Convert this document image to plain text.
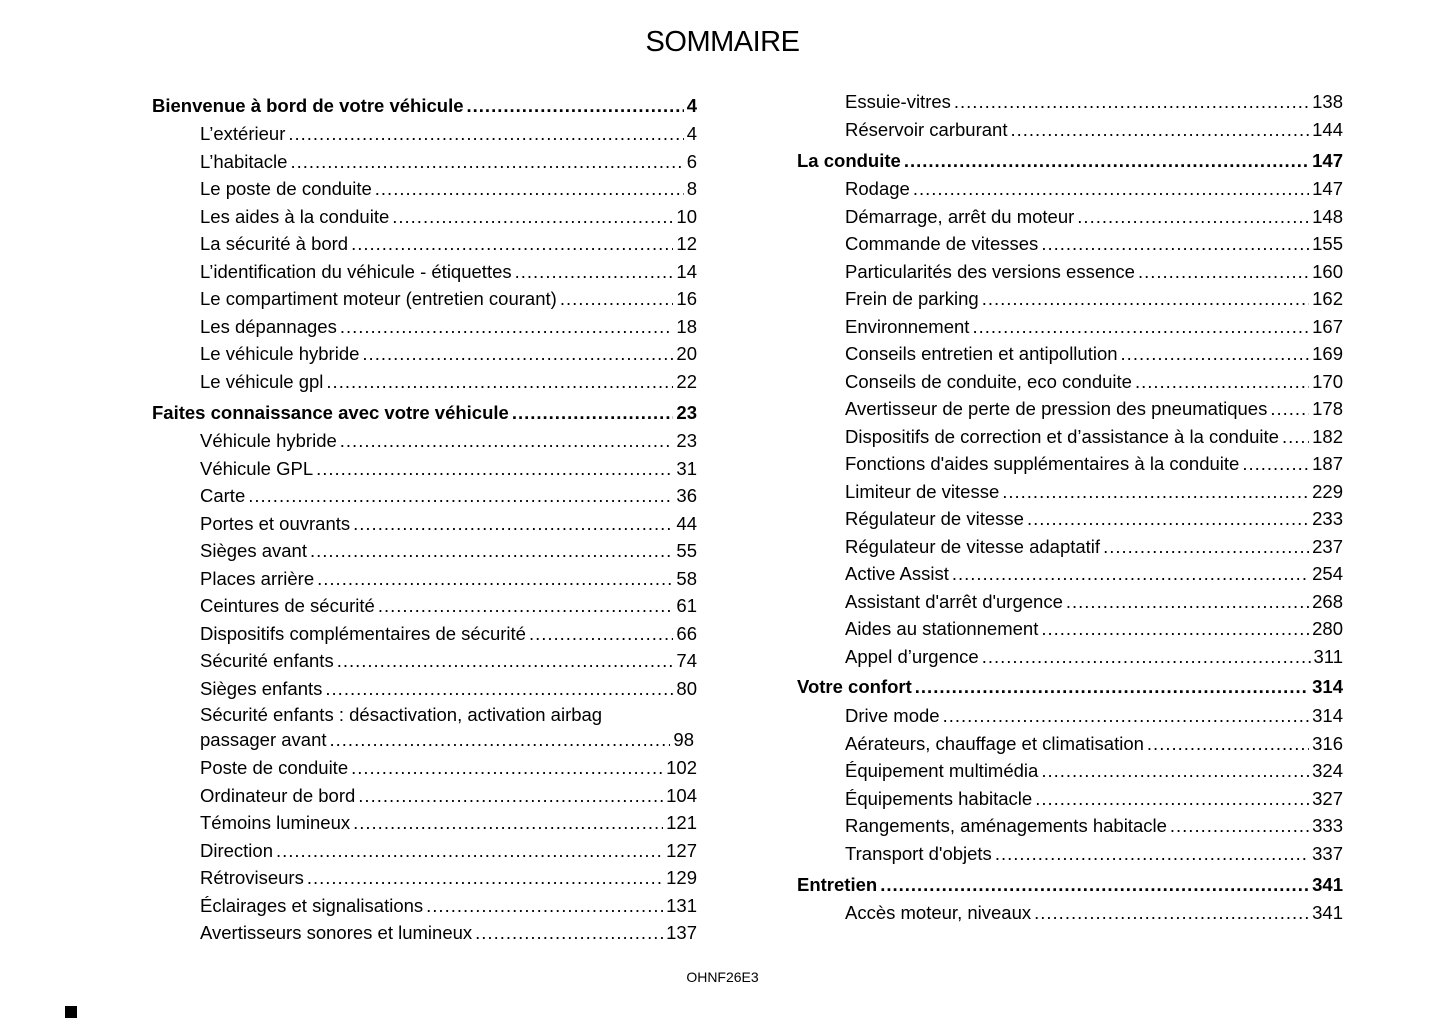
SOMMAIRE
Bienvenue à bord de votre véhicule .....	4
L’extérieur .....	4
L’habitacle .....	6
Le poste de conduite .....	8
Les aides à la conduite .....	10
La sécurité à bord .....	12
L’identification du véhicule - étiquettes .....	14
Le compartiment moteur (entretien courant) .....	16
Les dépannages .....	18
Le véhicule hybride .....	20
Le véhicule gpl .....	22
Faites connaissance avec votre véhicule .....	23
Véhicule hybride .....	23
Véhicule GPL .....	31
Carte .....	36
Portes et ouvrants .....	44
Sièges avant .....	55
Places arrière .....	58
Ceintures de sécurité .....	61
Dispositifs complémentaires de sécurité .....	66
Sécurité enfants .....	74
Sièges enfants .....	80
Sécurité enfants : désactivation, activation airbag
passager avant .....	98
Poste de conduite .....	102
Ordinateur de bord .....	104
Témoins lumineux .....	121
Direction .....	127
Rétroviseurs .....	129
Éclairages et signalisations .....	131
Avertisseurs sonores et lumineux .....	137
Essuie-vitres .....	138
Réservoir carburant .....	144
La conduite .....	147
Rodage .....	147
Démarrage, arrêt du moteur .....	148
Commande de vitesses .....	155
Particularités des versions essence .....	160
Frein de parking .....	162
Environnement .....	167
Conseils entretien et antipollution .....	169
Conseils de conduite, eco conduite .....	170
Avertisseur de perte de pression des pneumatiques ..... 178
Dispositifs de correction et d’assistance à la conduite ..... 182
Fonctions d'aides supplémentaires à la conduite .....	187
Limiteur de vitesse .....	229
Régulateur de vitesse .....	233
Régulateur de vitesse adaptatif .....	237
Active Assist .....	254
Assistant d'arrêt d'urgence .....	268
Aides au stationnement .....	280
Appel d’urgence .....	311
Votre confort .....	314
Drive mode .....	314
Aérateurs, chauffage et climatisation .....	316
Équipement multimédia .....	324
Équipements habitacle .....	327
Rangements, aménagements habitacle .....	333
Transport d'objets .....	337
Entretien .....	341
Accès moteur, niveaux .....	341
OHNF26E3
